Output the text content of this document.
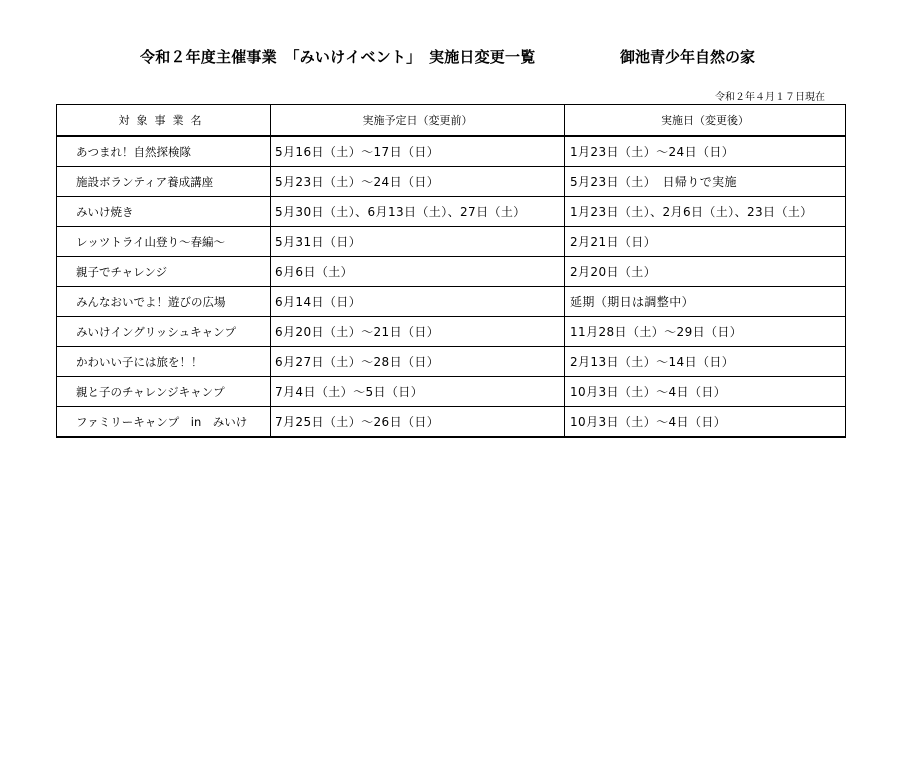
令和２年度主催事業　「みいけイベント」　実施日変更一覧	御池青少年自然の家
令和２年４月１７日現在
対象事業名	実施予定日（変更前）	実施日（変更後）
あつまれ！自然探検隊	5月16日（土）～17日（日）	1月23日（土）～24日（日）
施設ボランティア養成講座	5月23日（土）～24日（日）	5月23日（土）　日帰りで実施
みいけ焼き	5月30日（土）、6月13日（土）、27日（土）	1月23日（土）、2月6日（土）、23日（土）
レッツトライ山登り～春編～	5月31日（日）	2月21日（日）
親子でチャレンジ	6月6日（土）	2月20日（土）
みんなおいでよ！遊びの広場	6月14日（日）	延期（期日は調整中）
みいけイングリッシュキャンプ	6月20日（土）～21日（日）	11月28日（土）～29日（日）
かわいい子には旅を！！	6月27日（土）～28日（日）	2月13日（土）～14日（日）
親と子のチャレンジキャンプ	7月4日（土）～5日（日）	10月3日（土）～4日（日）
ファミリーキャンプ　in　みいけ	7月25日（土）～26日（日）	10月3日（土）～4日（日）
